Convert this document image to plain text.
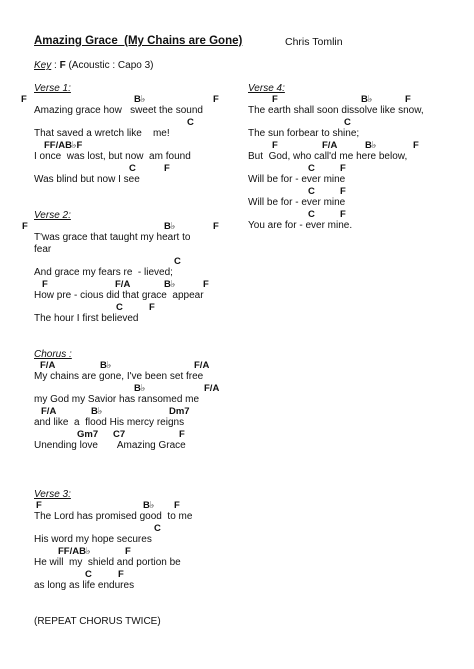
Amazing Grace  (My Chains are Gone)	Chris Tomlin
Key : F (Acoustic : Capo 3)
Verse 1:
F	B♭	F
Amazing grace how   sweet the sound
C
That saved a wretch like    me!
FF/AB♭F
I once  was lost, but now  am found
C	F
Was blind but now I see
Verse 2:
F	B♭	F
T'was grace that taught my heart to
fear
C
And grace my fears re  - lieved;
F	F/A	B♭	F
How pre - cious did that grace  appear
C	F
The hour I first believed
Chorus :
F/A	B♭	F/A
My chains are gone, I've been set free
B♭	F/A
my God my Savior has ransomed me
F/A	B♭	Dm7
and like  a  flood His mercy reigns
Gm7 C7	F
Unending love       Amazing Grace
Verse 3:
F	B♭ F
The Lord has promised good  to me
C
His word my hope secures
FF/AB♭	F
He will  my  shield and portion be
C	F
as long as life endures
Verse 4:
F	B♭	F
The earth shall soon dissolve like snow,
C
The sun forbear to shine;
F	F/A	B♭	F
But  God, who call'd me here below,
C	F
Will be for - ever mine
C	F
Will be for - ever mine
C	F
You are for - ever mine.
(REPEAT CHORUS TWICE)
